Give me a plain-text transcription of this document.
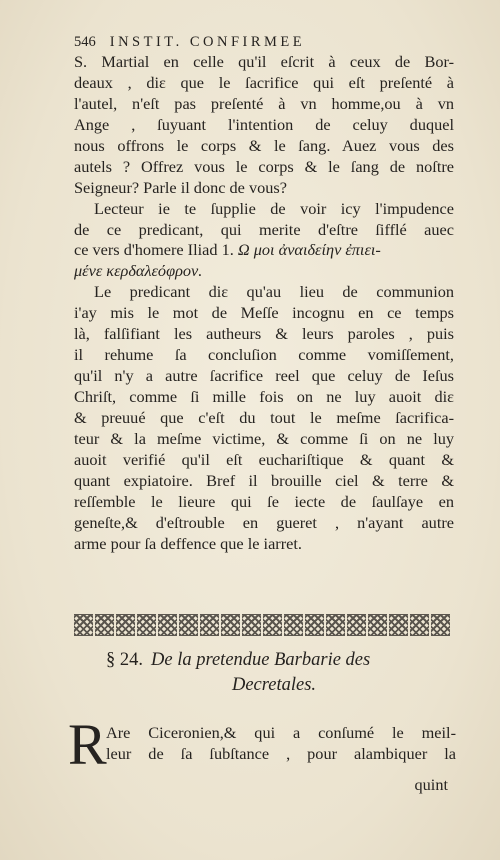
546 INSTIT. CONFIRMEE
S. Martial en celle qu'il eſcrit à ceux de Bor-
deaux , diɛ que le ſacrifice qui eſt preſenté à
l'autel, n'eſt pas preſenté à vn homme,ou à vn
Ange , ſuyuant l'intention de celuy duquel
nous offrons le corps & le ſang. Auez vous des
autels ? Offrez vous le corps & le ſang de noſtre
Seigneur? Parle il donc de vous?
Lecteur ie te ſupplie de voir icy l'impudence
de ce predicant, qui merite d'eſtre ſifflé auec
ce vers d'homere Iliad 1. Ω μοι ἀναιδείην ἐπιει-
μένε κερδαλεόφρον.
Le predicant diɛ qu'au lieu de communion
i'ay mis le mot de Meſſe incognu en ce temps
là, falſifiant les autheurs & leurs paroles , puis
il rehume ſa concluſion comme vomiſſement,
qu'il n'y a autre ſacrifice reel que celuy de Ieſus
Chriſt, comme ſi mille fois on ne luy auoit diɛ
& preuué que c'eſt du tout le meſme ſacrifica-
teur & la meſme victime, & comme ſi on ne luy
auoit verifié qu'il eſt euchariſtique & quant &
quant expiatoire. Bref il brouille ciel & terre &
reſſemble le lieure qui ſe iecte de ſaulſaye en
geneſte,& d'eſtrouble en gueret , n'ayant autre
arme pour ſa deffence que le iarret.
§ 24. De la pretendue Barbarie des
Decretales.
R Are Ciceronien,& qui a conſumé le meil-
leur de ſa ſubſtance , pour alambiquer la
quint
